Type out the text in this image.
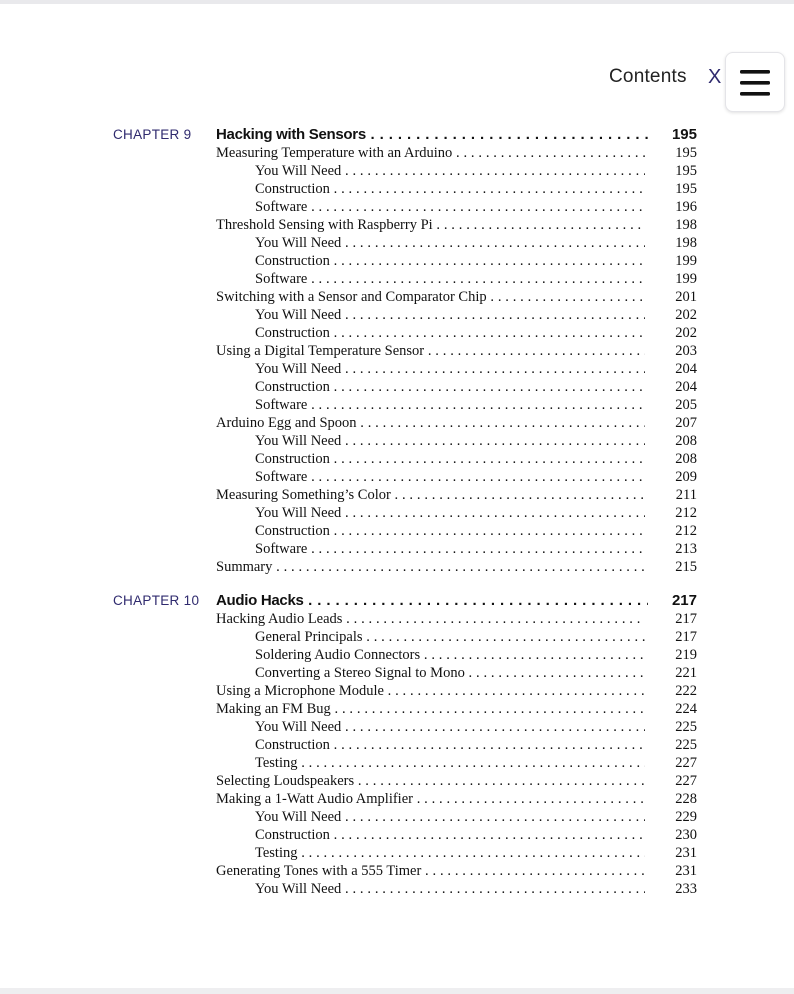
Contents X
CHAPTER 9 Hacking with Sensors . . .	195
Measuring Temperature with an Arduino . . .	195
You Will Need . . .	195
Construction . . .	195
Software . . .	196
Threshold Sensing with Raspberry Pi . . .	198
You Will Need . . .	198
Construction . . .	199
Software . . .	199
Switching with a Sensor and Comparator Chip . . .	201
You Will Need . . .	202
Construction . . .	202
Using a Digital Temperature Sensor . . .	203
You Will Need . . .	204
Construction . . .	204
Software . . .	205
Arduino Egg and Spoon . . .	207
You Will Need . . .	208
Construction . . .	208
Software . . .	209
Measuring Something’s Color . . .	211
You Will Need . . .	212
Construction . . .	212
Software . . .	213
Summary . . .	215
CHAPTER 10 Audio Hacks . . .	217
Hacking Audio Leads . . .	217
General Principals . . .	217
Soldering Audio Connectors . . .	219
Converting a Stereo Signal to Mono . . .	221
Using a Microphone Module . . .	222
Making an FM Bug . . .	224
You Will Need . . .	225
Construction . . .	225
Testing . . .	227
Selecting Loudspeakers . . .	227
Making a 1-Watt Audio Amplifier . . .	228
You Will Need . . .	229
Construction . . .	230
Testing . . .	231
Generating Tones with a 555 Timer . . .	231
You Will Need . . .	233
